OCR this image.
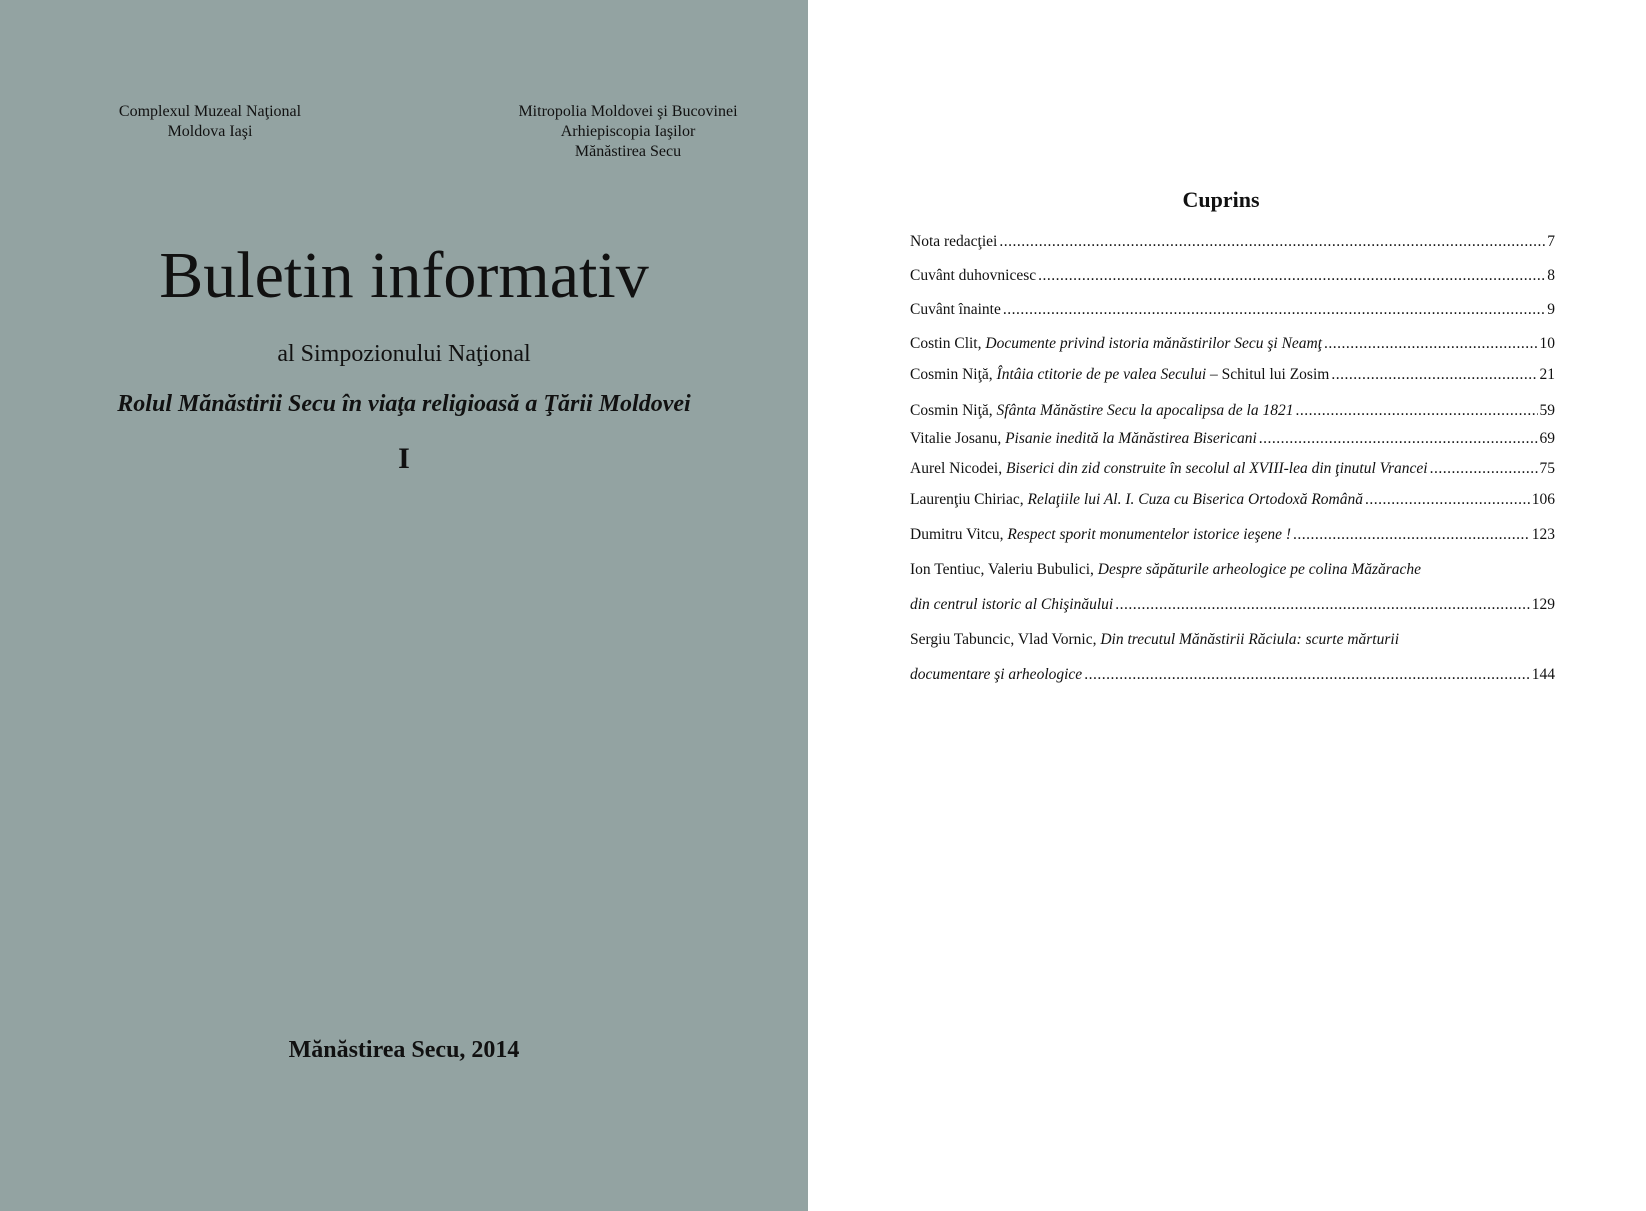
Complexul Muzeal Naţional
Moldova Iaşi
Mitropolia Moldovei şi Bucovinei
Arhiepiscopia Iaşilor
Mănăstirea Secu
Buletin informativ
al Simpozionului Naţional
Rolul Mănăstirii Secu în viaţa religioasă a Ţării Moldovei
I
Mănăstirea Secu, 2014
Cuprins
Nota redacţiei .....	7
Cuvânt duhovnicesc .....	8
Cuvânt înainte .....	9
Costin Clit, Documente privind istoria mănăstirilor Secu şi Neamţ .....	10
Cosmin Niţă, Întâia ctitorie de pe valea Secului – Schitul lui Zosim .....	21
Cosmin Niţă, Sfânta Mănăstire Secu la apocalipsa de la 1821 .....	59
Vitalie Josanu, Pisanie inedită la Mănăstirea Bisericani .....	69
Aurel Nicodei, Biserici din zid construite în secolul al XVIII-lea din ţinutul Vrancei .....	75
Laurenţiu Chiriac, Relaţiile lui Al. I. Cuza cu Biserica Ortodoxă Română .....	106
Dumitru Vitcu, Respect sporit monumentelor istorice ieşene ! .....	123
Ion Tentiuc, Valeriu Bubulici, Despre săpăturile arheologice pe colina Măzărache
din centrul istoric al Chişinăului .....	129
Sergiu Tabuncic, Vlad Vornic, Din trecutul Mănăstirii Răciula: scurte mărturii
documentare şi arheologice .....	144
